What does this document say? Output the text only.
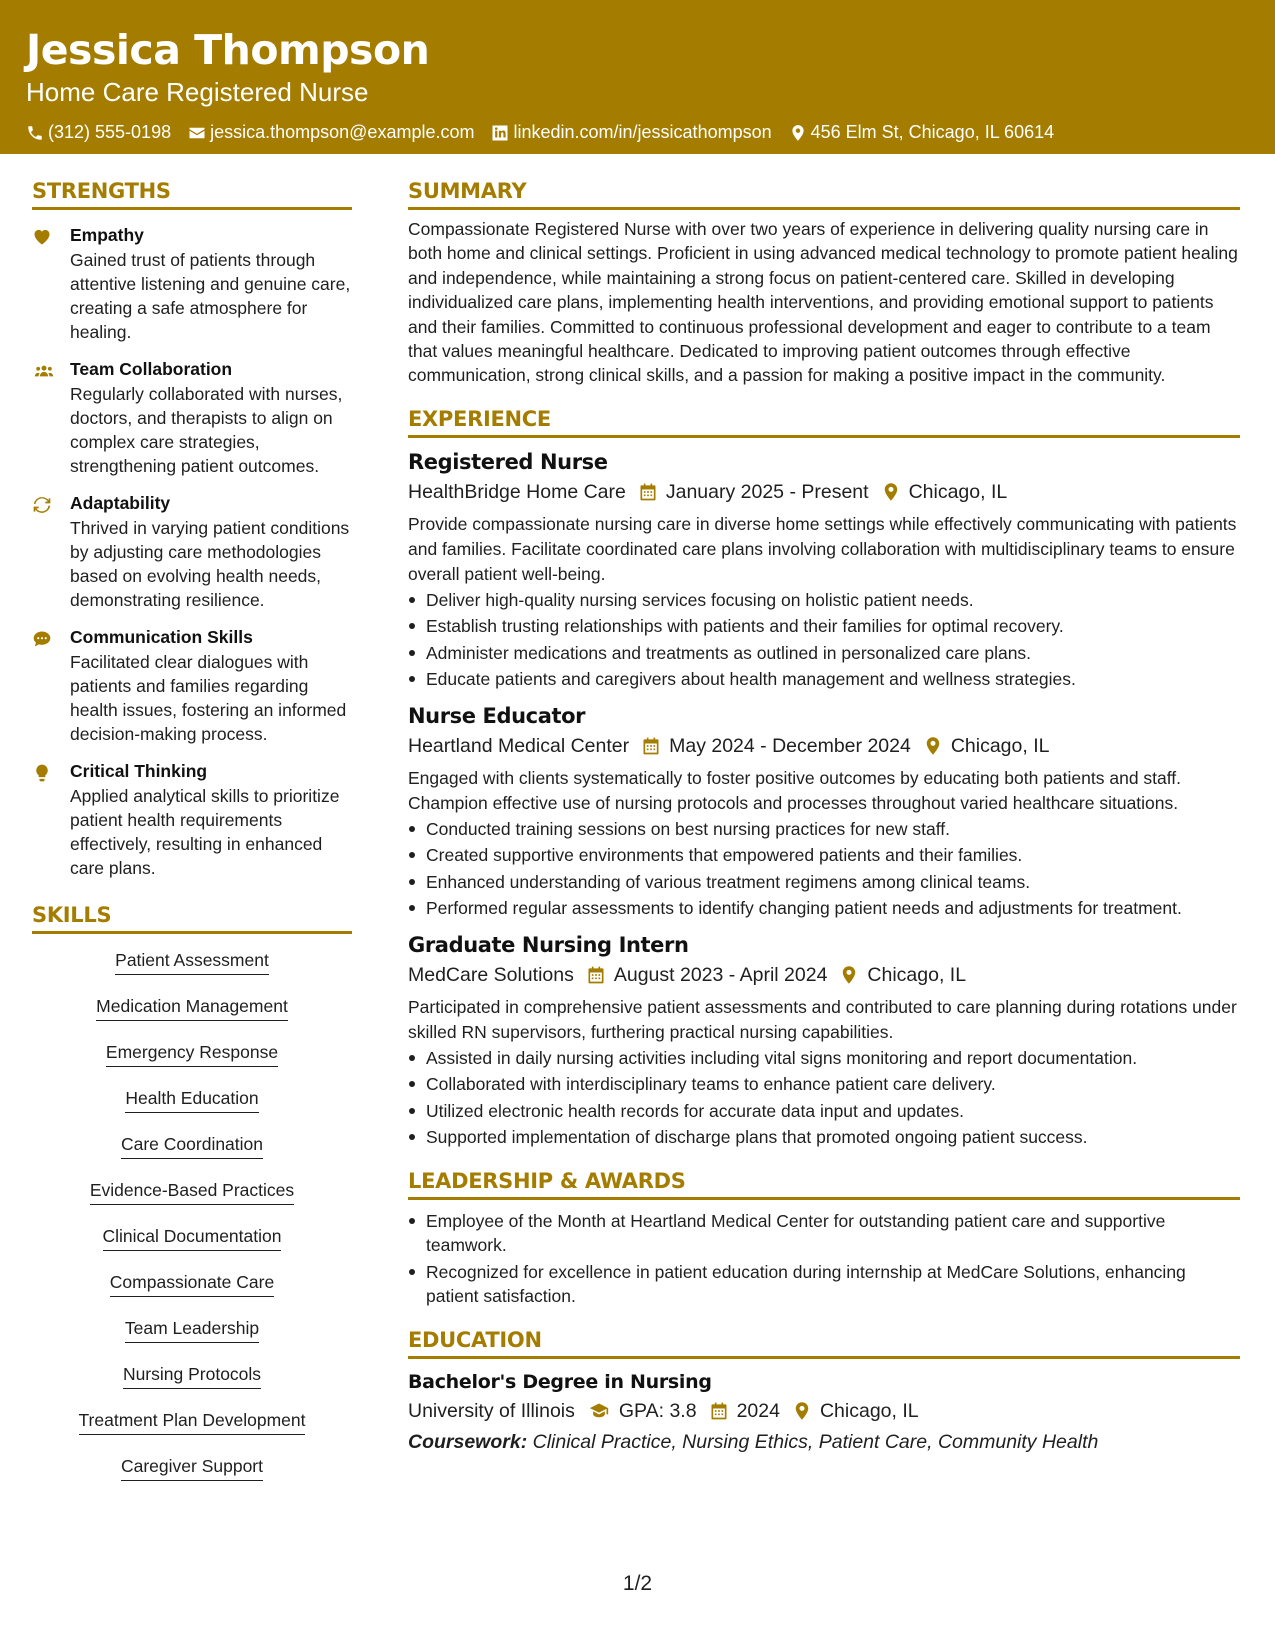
Jessica Thompson
Home Care Registered Nurse
(312) 555-0198 jessica.thompson@example.com linkedin.com/in/jessicathompson 456 Elm St, Chicago, IL 60614
STRENGTHS
Empathy
Gained trust of patients through attentive listening and genuine care, creating a safe atmosphere for healing.
Team Collaboration
Regularly collaborated with nurses, doctors, and therapists to align on complex care strategies, strengthening patient outcomes.
Adaptability
Thrived in varying patient conditions by adjusting care methodologies based on evolving health needs, demonstrating resilience.
Communication Skills
Facilitated clear dialogues with patients and families regarding health issues, fostering an informed decision-making process.
Critical Thinking
Applied analytical skills to prioritize patient health requirements effectively, resulting in enhanced care plans.
SKILLS
Patient Assessment
Medication Management
Emergency Response
Health Education
Care Coordination
Evidence-Based Practices
Clinical Documentation
Compassionate Care
Team Leadership
Nursing Protocols
Treatment Plan Development
Caregiver Support
SUMMARY
Compassionate Registered Nurse with over two years of experience in delivering quality nursing care in both home and clinical settings. Proficient in using advanced medical technology to promote patient healing and independence, while maintaining a strong focus on patient-centered care. Skilled in developing individualized care plans, implementing health interventions, and providing emotional support to patients and their families. Committed to continuous professional development and eager to contribute to a team that values meaningful healthcare. Dedicated to improving patient outcomes through effective communication, strong clinical skills, and a passion for making a positive impact in the community.
EXPERIENCE
Registered Nurse
HealthBridge Home Care January 2025 - Present Chicago, IL
Provide compassionate nursing care in diverse home settings while effectively communicating with patients and families. Facilitate coordinated care plans involving collaboration with multidisciplinary teams to ensure overall patient well-being.
Deliver high-quality nursing services focusing on holistic patient needs.
Establish trusting relationships with patients and their families for optimal recovery.
Administer medications and treatments as outlined in personalized care plans.
Educate patients and caregivers about health management and wellness strategies.
Nurse Educator
Heartland Medical Center May 2024 - December 2024 Chicago, IL
Engaged with clients systematically to foster positive outcomes by educating both patients and staff. Champion effective use of nursing protocols and processes throughout varied healthcare situations.
Conducted training sessions on best nursing practices for new staff.
Created supportive environments that empowered patients and their families.
Enhanced understanding of various treatment regimens among clinical teams.
Performed regular assessments to identify changing patient needs and adjustments for treatment.
Graduate Nursing Intern
MedCare Solutions August 2023 - April 2024 Chicago, IL
Participated in comprehensive patient assessments and contributed to care planning during rotations under skilled RN supervisors, furthering practical nursing capabilities.
Assisted in daily nursing activities including vital signs monitoring and report documentation.
Collaborated with interdisciplinary teams to enhance patient care delivery.
Utilized electronic health records for accurate data input and updates.
Supported implementation of discharge plans that promoted ongoing patient success.
LEADERSHIP & AWARDS
Employee of the Month at Heartland Medical Center for outstanding patient care and supportive teamwork.
Recognized for excellence in patient education during internship at MedCare Solutions, enhancing patient satisfaction.
EDUCATION
Bachelor's Degree in Nursing
University of Illinois GPA: 3.8 2024 Chicago, IL
Coursework: Clinical Practice, Nursing Ethics, Patient Care, Community Health
1/2
